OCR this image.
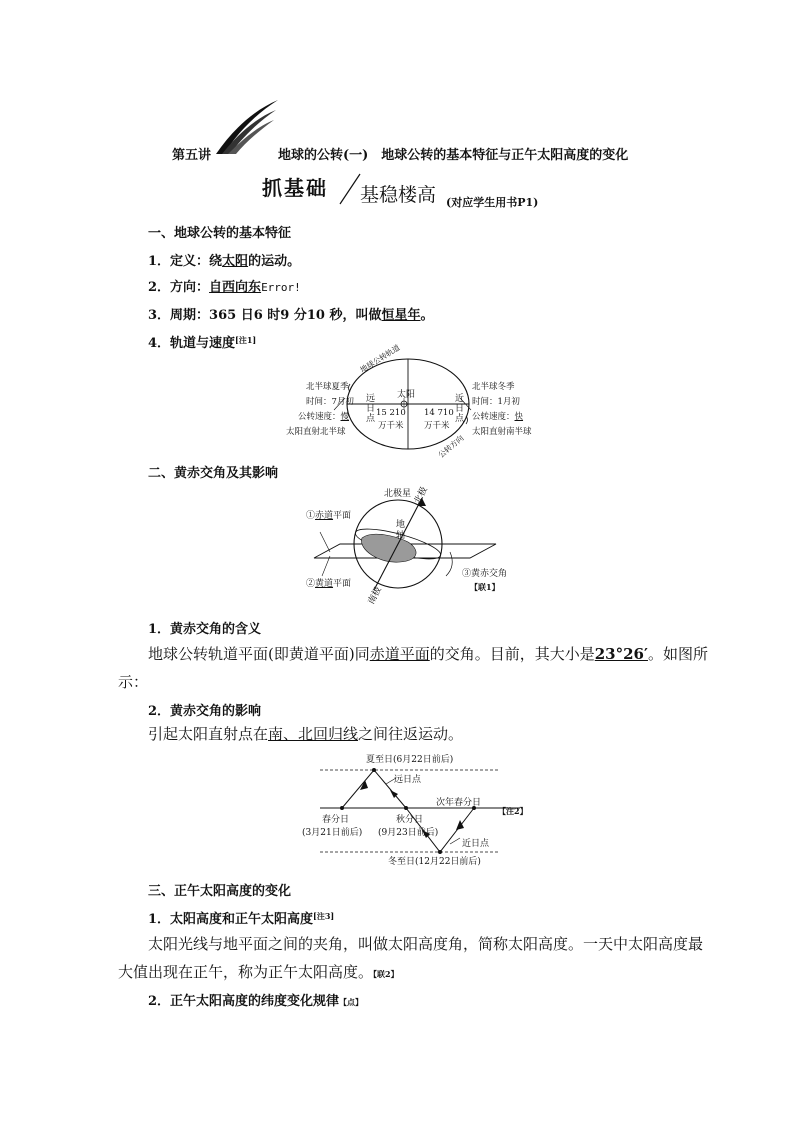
第五讲	地球的公转(一)　地球公转的基本特征与正午太阳高度的变化
抓基础 基稳楼高 (对应学生用书P1)
一、地球公转的基本特征
1．定义：绕太阳的运动。
2．方向：自西向东Error!
3．周期：365 日6 时9 分10 秒，叫做恒星年。
4．轨道与速度[注1]
北半球夏季
时间：7月初
公转速度：慢
太阳直射北半球
远
日
点
北半球冬季
时间：1月初
公转速度：快
太阳直射南半球
近
日
点
太阳
15 210
万千米
14 710
万千米
地球公转轨道
公转方向
二、黄赤交角及其影响
北极星 北极
地轴
南极
①赤道平面
②黄道平面
③黄赤交角
【联1】
1．黄赤交角的含义
地球公转轨道平面(即黄道平面)同赤道平面的交角。目前，其大小是23°26′。如图所
示：
2．黄赤交角的影响
引起太阳直射点在南、北回归线之间往返运动。
夏至日(6月22日前后)
远日点
次年春分日
【注2】
春分日
(3月21日前后)
秋分日
(9月23日前后)
近日点
冬至日(12月22日前后)
三、正午太阳高度的变化
1．太阳高度和正午太阳高度[注3]
太阳光线与地平面之间的夹角，叫做太阳高度角，简称太阳高度。一天中太阳高度最
大值出现在正午，称为正午太阳高度。【联2】
2．正午太阳高度的纬度变化规律【点】
